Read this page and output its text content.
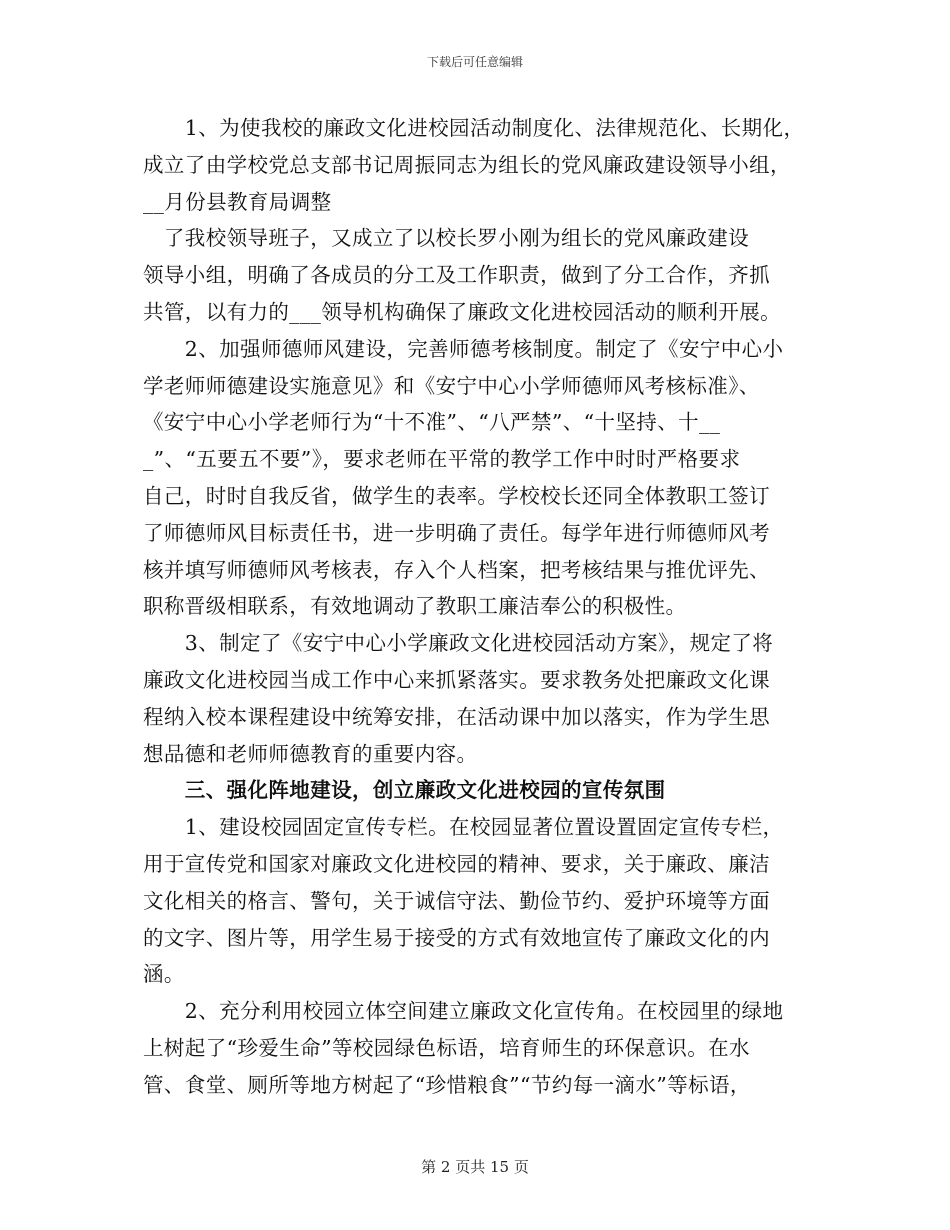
下载后可任意编辑
　　1、为使我校的廉政文化进校园活动制度化、法律规范化、长期化，
成立了由学校党总支部书记周振同志为组长的党风廉政建设领导小组，
__月份县教育局调整
　了我校领导班子，又成立了以校长罗小刚为组长的党风廉政建设
领导小组，明确了各成员的分工及工作职责，做到了分工合作，齐抓
共管，以有力的___领导机构确保了廉政文化进校园活动的顺利开展。
　　2、加强师德师风建设，完善师德考核制度。制定了《安宁中心小
学老师师德建设实施意见》和《安宁中心小学师德师风考核标准》、
《安宁中心小学老师行为“十不准”、“八严禁”、“十坚持、十__
_”、“五要五不要”》，要求老师在平常的教学工作中时时严格要求
自己，时时自我反省，做学生的表率。学校校长还同全体教职工签订
了师德师风目标责任书，进一步明确了责任。每学年进行师德师风考
核并填写师德师风考核表，存入个人档案，把考核结果与推优评先、
职称晋级相联系，有效地调动了教职工廉洁奉公的积极性。
　　3、制定了《安宁中心小学廉政文化进校园活动方案》，规定了将
廉政文化进校园当成工作中心来抓紧落实。要求教务处把廉政文化课
程纳入校本课程建设中统筹安排，在活动课中加以落实，作为学生思
想品德和老师师德教育的重要内容。
　　三、强化阵地建设，创立廉政文化进校园的宣传氛围
　　1、建设校园固定宣传专栏。在校园显著位置设置固定宣传专栏，
用于宣传党和国家对廉政文化进校园的精神、要求，关于廉政、廉洁
文化相关的格言、警句，关于诚信守法、勤俭节约、爱护环境等方面
的文字、图片等，用学生易于接受的方式有效地宣传了廉政文化的内
涵。
　　2、充分利用校园立体空间建立廉政文化宣传角。在校园里的绿地
上树起了“珍爱生命”等校园绿色标语，培育师生的环保意识。在水
管、食堂、厕所等地方树起了“珍惜粮食”“节约每一滴水”等标语，
第 2 页共 15 页
